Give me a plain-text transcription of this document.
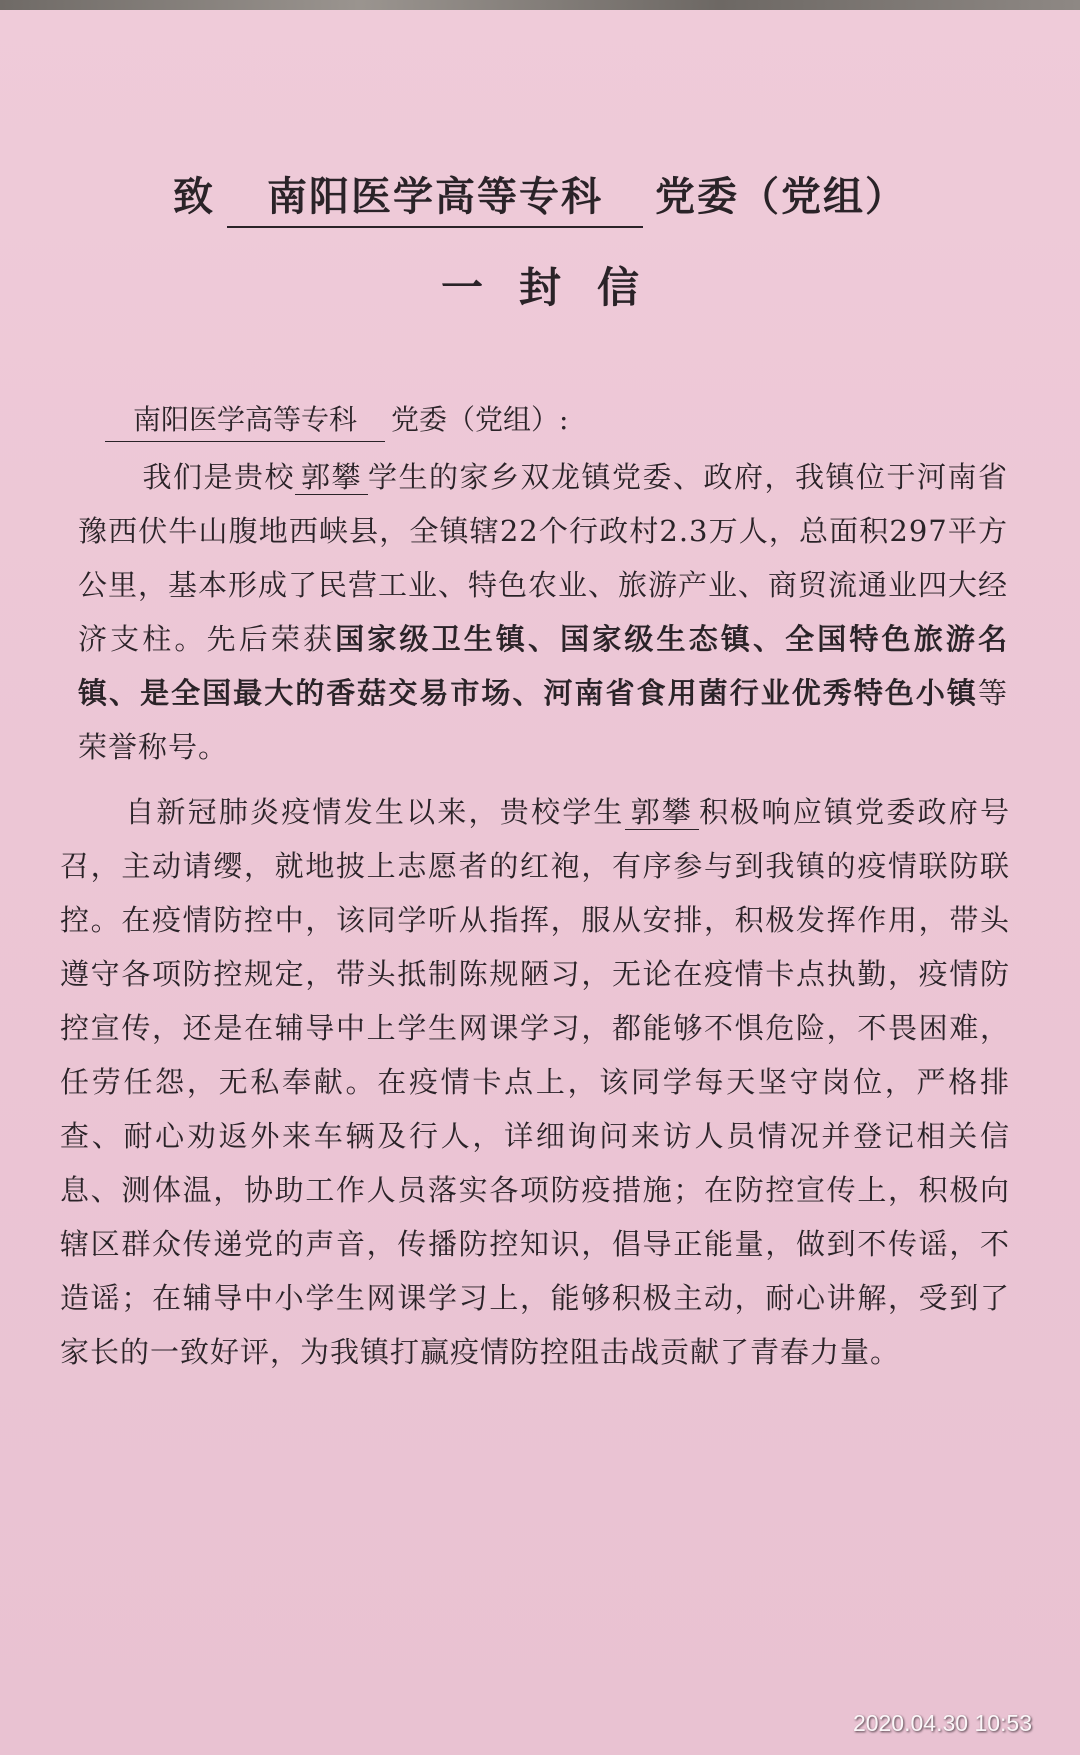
致 南阳医学高等专科 党委（党组）
一封信
南阳医学高等专科 党委（党组）:
我们是贵校 郭攀 学生的家乡双龙镇党委、政府，我镇位于河南省豫西伏牛山腹地西峡县，全镇辖22个行政村2.3万人，总面积297平方公里，基本形成了民营工业、特色农业、旅游产业、商贸流通业四大经济支柱。先后荣获国家级卫生镇、国家级生态镇、全国特色旅游名镇、是全国最大的香菇交易市场、河南省食用菌行业优秀特色小镇等荣誉称号。
自新冠肺炎疫情发生以来，贵校学生 郭攀 积极响应镇党委政府号召，主动请缨，就地披上志愿者的红袍，有序参与到我镇的疫情联防联控。在疫情防控中，该同学听从指挥，服从安排，积极发挥作用，带头遵守各项防控规定，带头抵制陈规陋习，无论在疫情卡点执勤，疫情防控宣传，还是在辅导中上学生网课学习，都能够不惧危险，不畏困难，任劳任怨，无私奉献。在疫情卡点上，该同学每天坚守岗位，严格排查、耐心劝返外来车辆及行人，详细询问来访人员情况并登记相关信息、测体温，协助工作人员落实各项防疫措施；在防控宣传上，积极向辖区群众传递党的声音，传播防控知识，倡导正能量，做到不传谣，不造谣；在辅导中小学生网课学习上，能够积极主动，耐心讲解，受到了家长的一致好评，为我镇打赢疫情防控阻击战贡献了青春力量。
2020.04.30 10:53
